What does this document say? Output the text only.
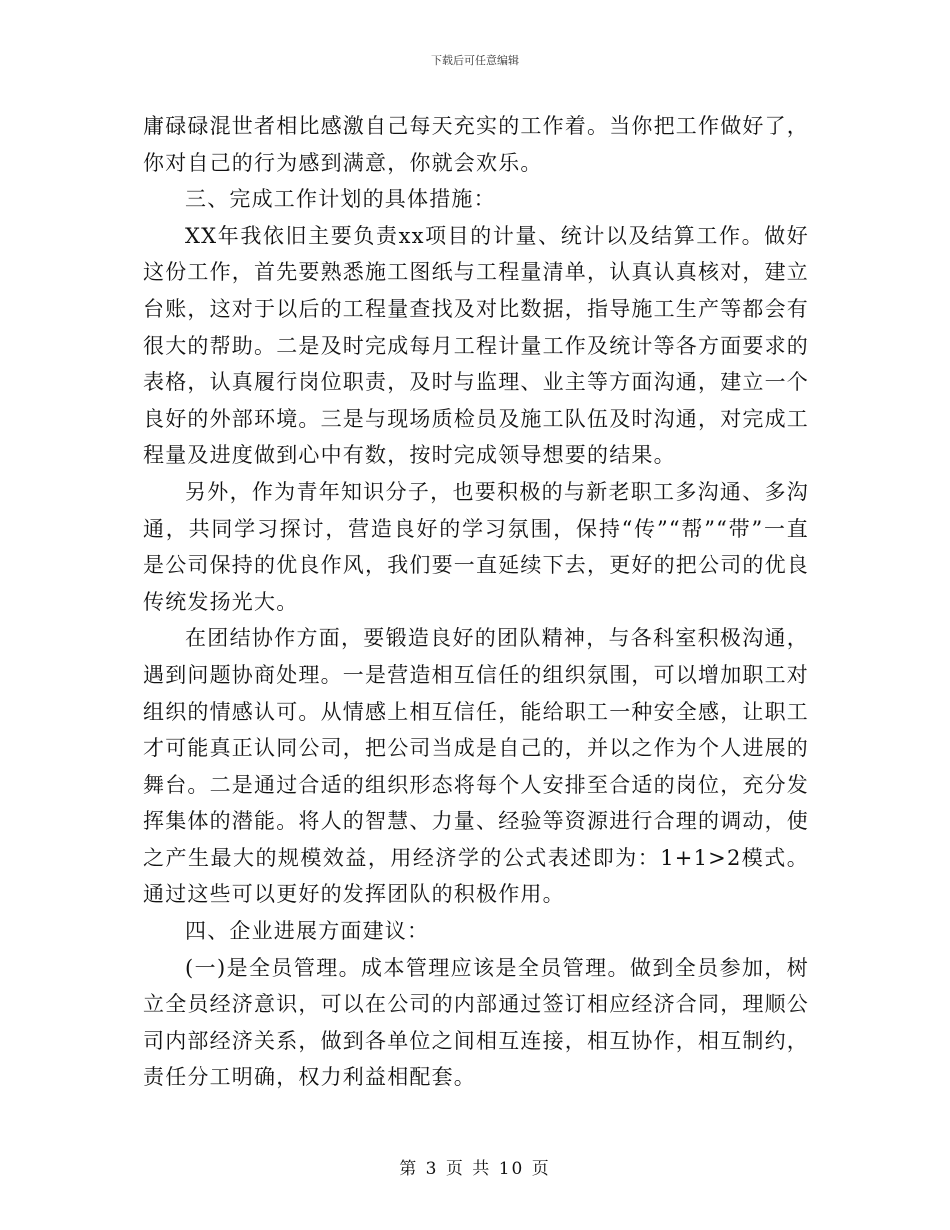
下载后可任意编辑

庸碌碌混世者相比感激自己每天充实的工作着。当你把工作做好了，你对自己的行为感到满意，你就会欢乐。

三、完成工作计划的具体措施：

XX年我依旧主要负责xx项目的计量、统计以及结算工作。做好这份工作，首先要熟悉施工图纸与工程量清单，认真认真核对，建立台账，这对于以后的工程量查找及对比数据，指导施工生产等都会有很大的帮助。二是及时完成每月工程计量工作及统计等各方面要求的表格，认真履行岗位职责，及时与监理、业主等方面沟通，建立一个良好的外部环境。三是与现场质检员及施工队伍及时沟通，对完成工程量及进度做到心中有数，按时完成领导想要的结果。

另外，作为青年知识分子，也要积极的与新老职工多沟通、多沟通，共同学习探讨，营造良好的学习氛围，保持“传”“帮”“带”一直是公司保持的优良作风，我们要一直延续下去，更好的把公司的优良传统发扬光大。

在团结协作方面，要锻造良好的团队精神，与各科室积极沟通，遇到问题协商处理。一是营造相互信任的组织氛围，可以增加职工对组织的情感认可。从情感上相互信任，能给职工一种安全感，让职工才可能真正认同公司，把公司当成是自己的，并以之作为个人进展的舞台。二是通过合适的组织形态将每个人安排至合适的岗位，充分发挥集体的潜能。将人的智慧、力量、经验等资源进行合理的调动，使之产生最大的规模效益，用经济学的公式表述即为：1+1>2模式。通过这些可以更好的发挥团队的积极作用。

四、企业进展方面建议：

(一)是全员管理。成本管理应该是全员管理。做到全员参加，树立全员经济意识，可以在公司的内部通过签订相应经济合同，理顺公司内部经济关系，做到各单位之间相互连接，相互协作，相互制约，责任分工明确，权力利益相配套。

第 3 页 共 10 页
